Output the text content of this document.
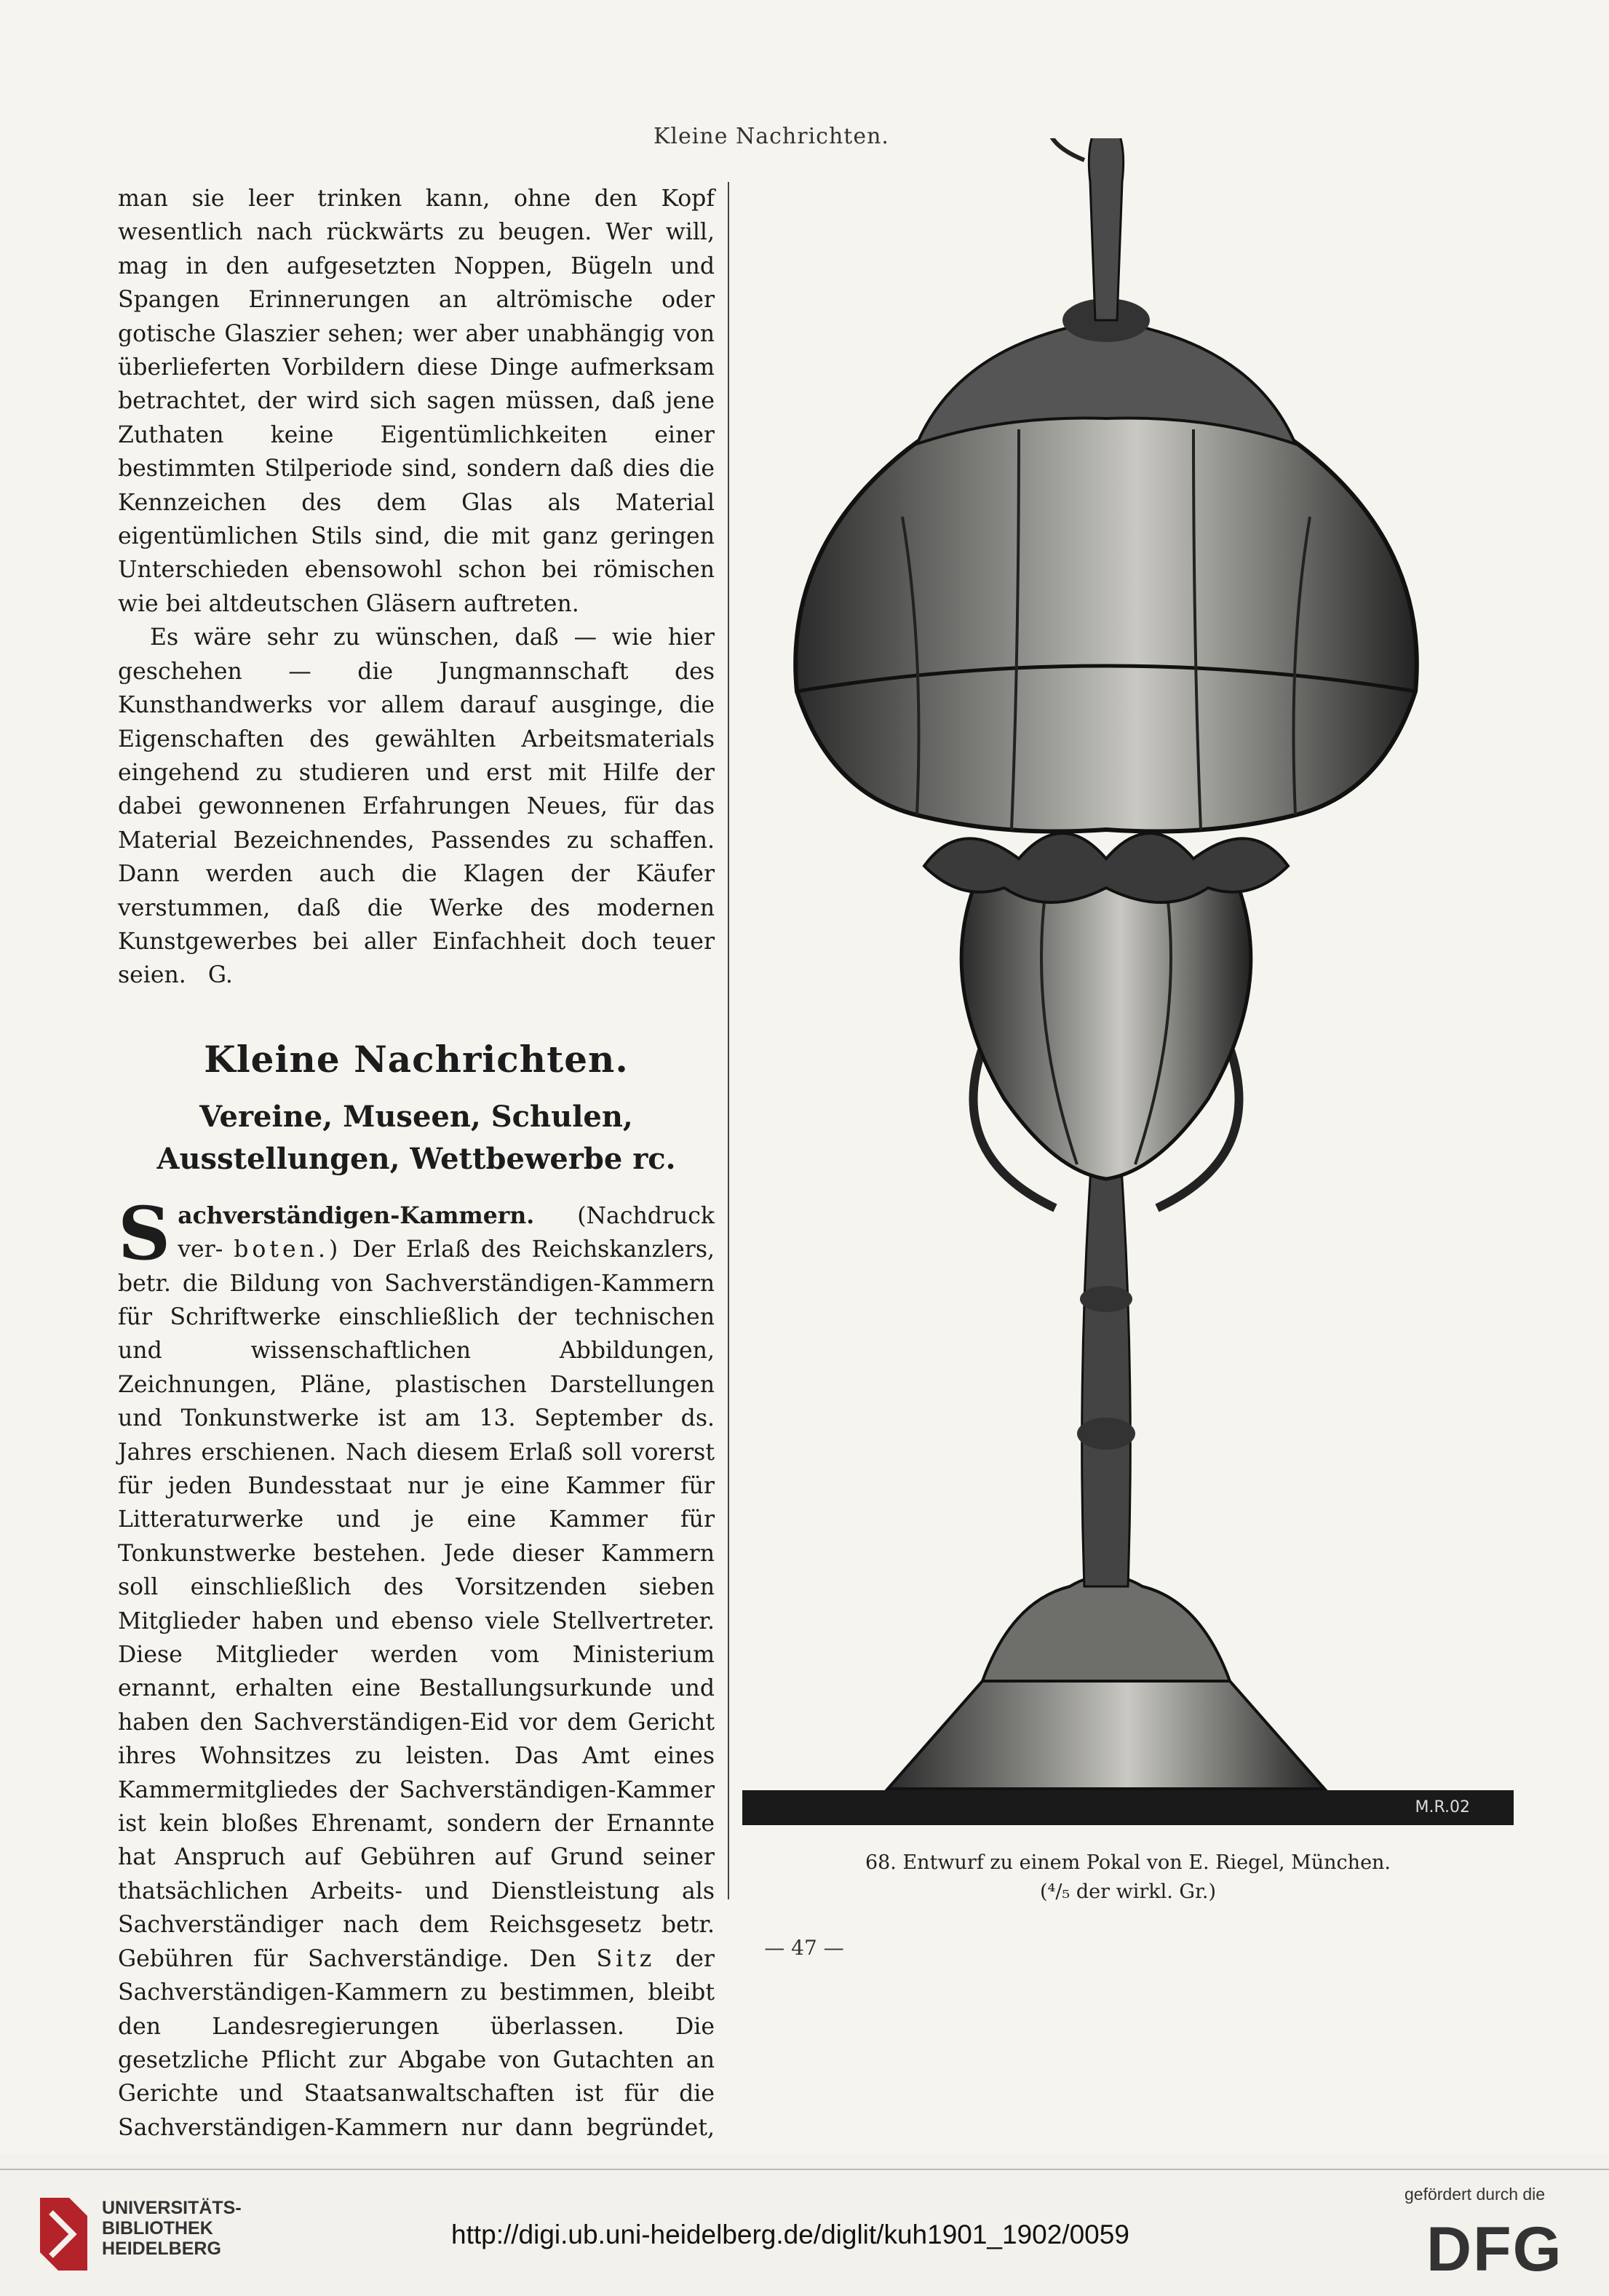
Kleine Nachrichten.

man sie leer trinken kann, ohne den Kopf wesentlich nach rückwärts zu beugen. Wer will, mag in den aufgesetzten Noppen, Bügeln und Spangen Erinnerungen an altrömische oder gotische Glaszier sehen; wer aber unabhängig von überlieferten Vorbildern diese Dinge aufmerksam betrachtet, der wird sich sagen müssen, daß jene Zuthaten keine Eigentümlichkeiten einer bestimmten Stilperiode sind, sondern daß dies die Kennzeichen des dem Glas als Material eigentümlichen Stils sind, die mit ganz geringen Unterschieden ebensowohl schon bei römischen wie bei altdeutschen Gläsern auftreten.

Es wäre sehr zu wünschen, daß — wie hier geschehen — die Jungmannschaft des Kunsthandwerks vor allem darauf ausginge, die Eigenschaften des gewählten Arbeitsmaterials eingehend zu studieren und erst mit Hilfe der dabei gewonnenen Erfahrungen Neues, für das Material Bezeichnendes, Passendes zu schaffen. Dann werden auch die Klagen der Käufer verstummen, daß die Werke des modernen Kunstgewerbes bei aller Einfachheit doch teuer seien. G.

Kleine Nachrichten.
Vereine, Museen, Schulen, Ausstellungen, Wettbewerbe rc.

Sachverständigen-Kammern. (Nachdruck ver- boten.) Der Erlaß des Reichskanzlers, betr. die Bildung von Sachverständigen-Kammern für Schriftwerke einschließlich der technischen und wissenschaftlichen Abbildungen, Zeichnungen, Pläne, plastischen Darstellungen und Tonkunstwerke ist am 13. September ds. Jahres erschienen. Nach diesem Erlaß soll vorerst für jeden Bundesstaat nur je eine Kammer für Litteraturwerke und je eine Kammer für Tonkunstwerke bestehen. Jede dieser Kammern soll einschließlich des Vorsitzenden sieben Mitglieder haben und ebenso viele Stellvertreter. Diese Mitglieder werden vom Ministerium ernannt, erhalten eine Bestallungsurkunde und haben den Sachverständigen-Eid vor dem Gericht ihres Wohnsitzes zu leisten. Das Amt eines Kammermitgliedes der Sachverständigen-Kammer ist kein bloßes Ehrenamt, sondern der Ernannte hat Anspruch auf Gebühren auf Grund seiner thatsächlichen Arbeits- und Dienstleistung als Sachverständiger nach dem Reichsgesetz betr. Gebühren für Sachverständige. Den Sitz der Sachverständigen-Kammern zu bestimmen, bleibt den Landesregierungen überlassen. Die gesetzliche Pflicht zur Abgabe von Gutachten an Gerichte und Staatsanwaltschaften ist für die Sachverständigen-Kammern nur dann begründet,

M.R.02
68. Entwurf zu einem Pokal von E. Riegel, München.
(⁴/₅ der wirkl. Gr.)
— 47 —
UNIVERSITÄTS-
BIBLIOTHEK
HEIDELBERG	http://digi.ub.uni-heidelberg.de/diglit/kuh1901_1902/0059
gefördert durch die
DFG
